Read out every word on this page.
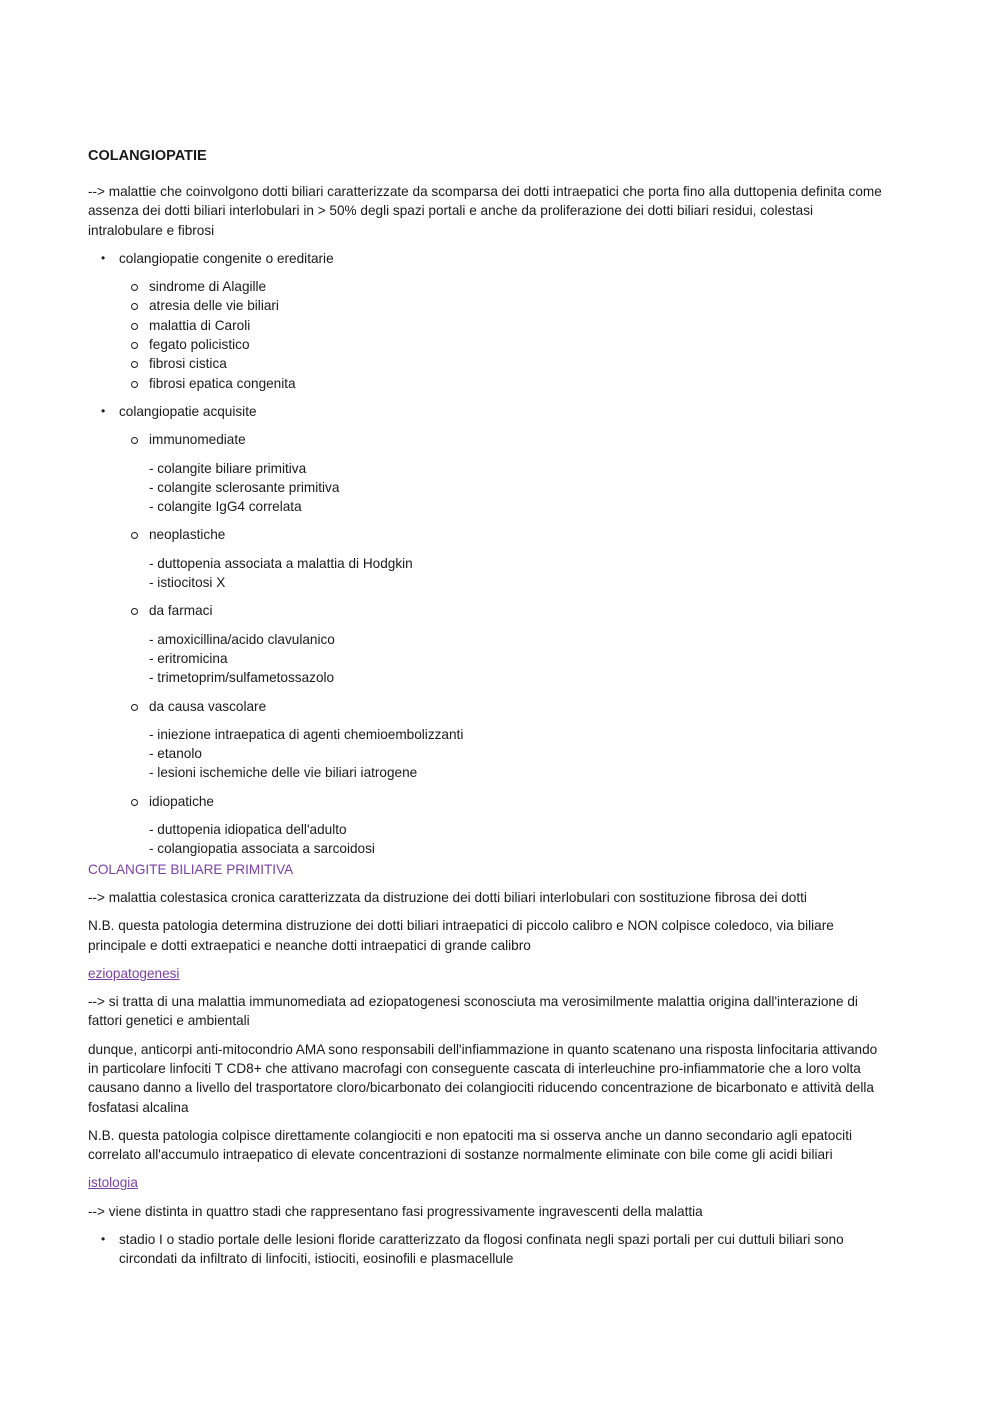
COLANGIOPATIE

--> malattie che coinvolgono dotti biliari caratterizzate da scomparsa dei dotti intraepatici che porta fino alla duttopenia definita come assenza dei dotti biliari interlobulari in > 50% degli spazi portali e anche da proliferazione dei dotti biliari residui, colestasi intralobulare e fibrosi

• colangiopatie congenite o ereditarie
sindrome di Alagille
atresia delle vie biliari
malattia di Caroli
fegato policistico
fibrosi cistica
fibrosi epatica congenita
• colangiopatie acquisite
immunomediate
- colangite biliare primitiva
- colangite sclerosante primitiva
- colangite IgG4 correlata
neoplastiche
- duttopenia associata a malattia di Hodgkin
- istiocitosi X
da farmaci
- amoxicillina/acido clavulanico
- eritromicina
- trimetoprim/sulfametossazolo
da causa vascolare
- iniezione intraepatica di agenti chemioembolizzanti
- etanolo
- lesioni ischemiche delle vie biliari iatrogene
idiopatiche
- duttopenia idiopatica dell'adulto
- colangiopatia associata a sarcoidosi

COLANGITE BILIARE PRIMITIVA

--> malattia colestasica cronica caratterizzata da distruzione dei dotti biliari interlobulari con sostituzione fibrosa dei dotti

N.B. questa patologia determina distruzione dei dotti biliari intraepatici di piccolo calibro e NON colpisce coledoco, via biliare principale e dotti extraepatici e neanche dotti intraepatici di grande calibro

eziopatogenesi

--> si tratta di una malattia immunomediata ad eziopatogenesi sconosciuta ma verosimilmente malattia origina dall'interazione di fattori genetici e ambientali

dunque, anticorpi anti-mitocondrio AMA sono responsabili dell'infiammazione in quanto scatenano una risposta linfocitaria attivando in particolare linfociti T CD8+ che attivano macrofagi con conseguente cascata di interleuchine pro-infiammatorie che a loro volta causano danno a livello del trasportatore cloro/bicarbonato dei colangiociti riducendo concentrazione de bicarbonato e attività della fosfatasi alcalina

N.B. questa patologia colpisce direttamente colangiociti e non epatociti ma si osserva anche un danno secondario agli epatociti correlato all'accumulo intraepatico di elevate concentrazioni di sostanze normalmente eliminate con bile come gli acidi biliari

istologia

--> viene distinta in quattro stadi che rappresentano fasi progressivamente ingravescenti della malattia

• stadio I o stadio portale delle lesioni floride caratterizzato da flogosi confinata negli spazi portali per cui duttuli biliari sono circondati da infiltrato di linfociti, istiociti, eosinofili e plasmacellule
